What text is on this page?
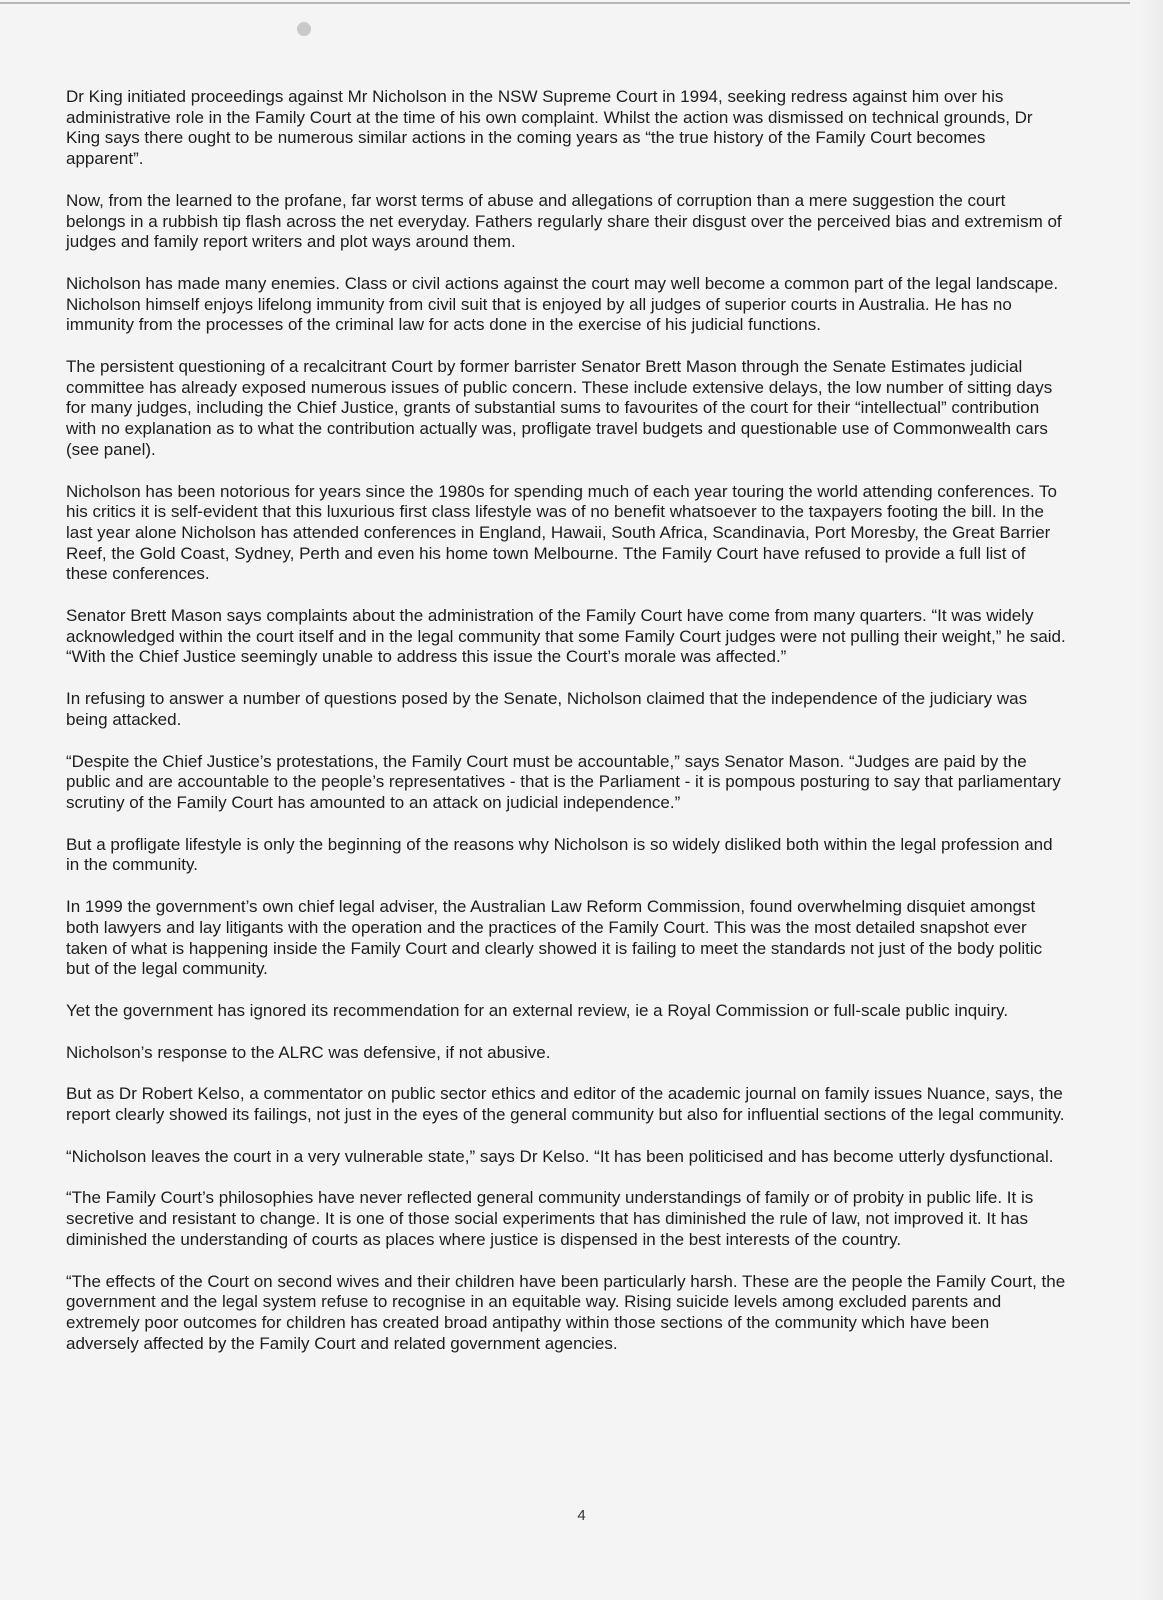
Dr King initiated proceedings against Mr Nicholson in the NSW Supreme Court in 1994, seeking redress against him over his administrative role in the Family Court at the time of his own complaint. Whilst the action was dismissed on technical grounds, Dr King says there ought to be numerous similar actions in the coming years as “the true history of the Family Court becomes apparent”.

Now, from the learned to the profane, far worst terms of abuse and allegations of corruption than a mere suggestion the court belongs in a rubbish tip flash across the net everyday. Fathers regularly share their disgust over the perceived bias and extremism of judges and family report writers and plot ways around them.

Nicholson has made many enemies. Class or civil actions against the court may well become a common part of the legal landscape. Nicholson himself enjoys lifelong immunity from civil suit that is enjoyed by all judges of superior courts in Australia. He has no immunity from the processes of the criminal law for acts done in the exercise of his judicial functions.

The persistent questioning of a recalcitrant Court by former barrister Senator Brett Mason through the Senate Estimates judicial committee has already exposed numerous issues of public concern. These include extensive delays, the low number of sitting days for many judges, including the Chief Justice, grants of substantial sums to favourites of the court for their “intellectual” contribution with no explanation as to what the contribution actually was, profligate travel budgets and questionable use of Commonwealth cars (see panel).

Nicholson has been notorious for years since the 1980s for spending much of each year touring the world attending conferences. To his critics it is self-evident that this luxurious first class lifestyle was of no benefit whatsoever to the taxpayers footing the bill. In the last year alone Nicholson has attended conferences in England, Hawaii, South Africa, Scandinavia, Port Moresby, the Great Barrier Reef, the Gold Coast, Sydney, Perth and even his home town Melbourne. Tthe Family Court have refused to provide a full list of these conferences.

Senator Brett Mason says complaints about the administration of the Family Court have come from many quarters. “It was widely acknowledged within the court itself and in the legal community that some Family Court judges were not pulling their weight,” he said. “With the Chief Justice seemingly unable to address this issue the Court’s morale was affected.”

In refusing to answer a number of questions posed by the Senate, Nicholson claimed that the independence of the judiciary was being attacked.

“Despite the Chief Justice’s protestations, the Family Court must be accountable,” says Senator Mason. “Judges are paid by the public and are accountable to the people’s representatives - that is the Parliament - it is pompous posturing to say that parliamentary scrutiny of the Family Court has amounted to an attack on judicial independence.”

But a profligate lifestyle is only the beginning of the reasons why Nicholson is so widely disliked both within the legal profession and in the community.

In 1999 the government’s own chief legal adviser, the Australian Law Reform Commission, found overwhelming disquiet amongst both lawyers and lay litigants with the operation and the practices of the Family Court. This was the most detailed snapshot ever taken of what is happening inside the Family Court and clearly showed it is failing to meet the standards not just of the body politic but of the legal community.

Yet the government has ignored its recommendation for an external review, ie a Royal Commission or full-scale public inquiry.

Nicholson’s response to the ALRC was defensive, if not abusive.

But as Dr Robert Kelso, a commentator on public sector ethics and editor of the academic journal on family issues Nuance, says, the report clearly showed its failings, not just in the eyes of the general community but also for influential sections of the legal community.

“Nicholson leaves the court in a very vulnerable state,” says Dr Kelso. “It has been politicised and has become utterly dysfunctional.

“The Family Court’s philosophies have never reflected general community understandings of family or of probity in public life. It is secretive and resistant to change. It is one of those social experiments that has diminished the rule of law, not improved it. It has diminished the understanding of courts as places where justice is dispensed in the best interests of the country.

“The effects of the Court on second wives and their children have been particularly harsh. These are the people the Family Court, the government and the legal system refuse to recognise in an equitable way. Rising suicide levels among excluded parents and extremely poor outcomes for children has created broad antipathy within those sections of the community which have been adversely affected by the Family Court and related government agencies.

4
